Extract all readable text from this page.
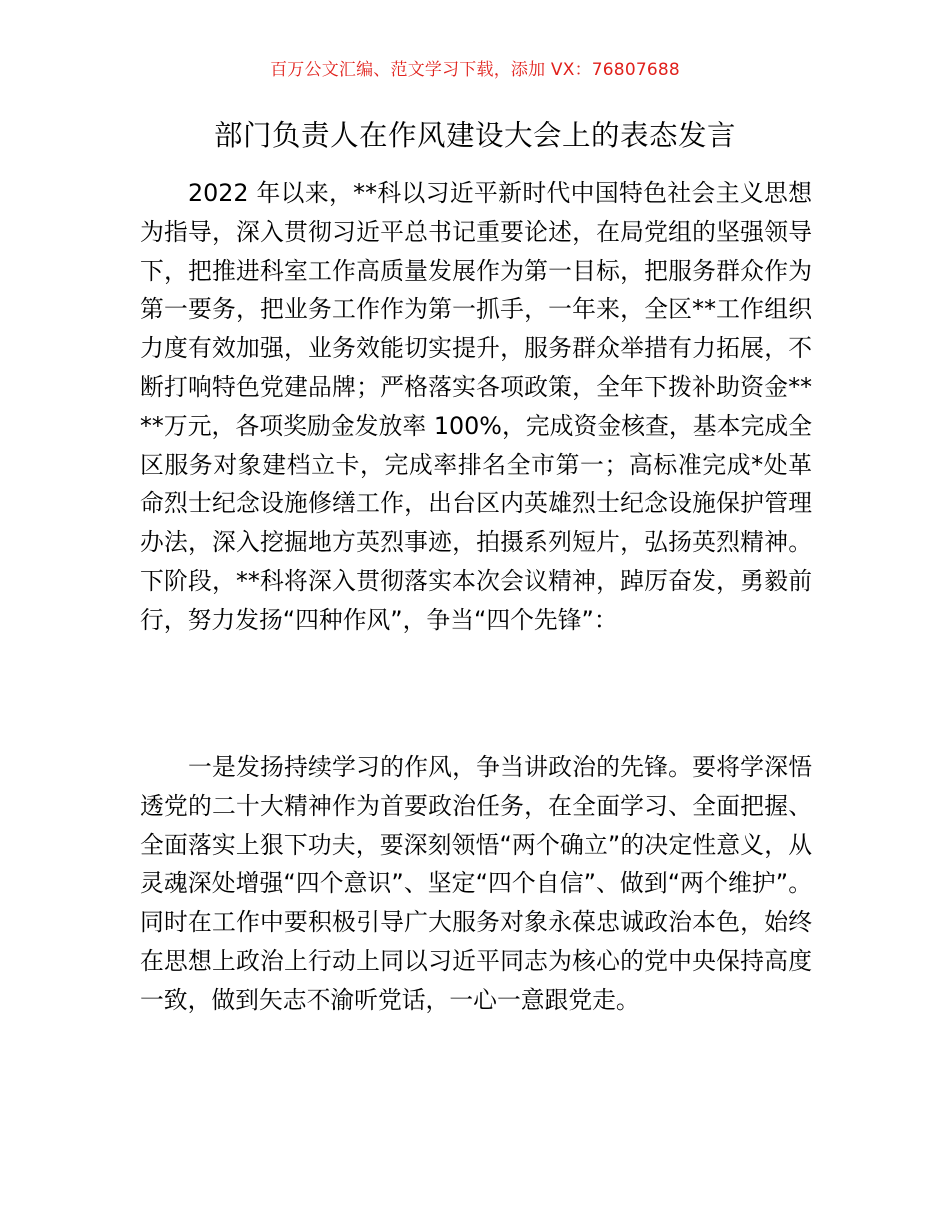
百万公文汇编、范文学习下载，添加 VX：76807688
部门负责人在作风建设大会上的表态发言

2022 年以来，**科以习近平新时代中国特色社会主义思想为指导，深入贯彻习近平总书记重要论述，在局党组的坚强领导下，把推进科室工作高质量发展作为第一目标，把服务群众作为第一要务，把业务工作作为第一抓手，一年来，全区**工作组织力度有效加强，业务效能切实提升，服务群众举措有力拓展，不断打响特色党建品牌；严格落实各项政策，全年下拨补助资金****万元，各项奖励金发放率 100%，完成资金核查，基本完成全区服务对象建档立卡，完成率排名全市第一；高标准完成*处革命烈士纪念设施修缮工作，出台区内英雄烈士纪念设施保护管理办法，深入挖掘地方英烈事迹，拍摄系列短片，弘扬英烈精神。下阶段，**科将深入贯彻落实本次会议精神，踔厉奋发，勇毅前行，努力发扬“四种作风”，争当“四个先锋”：

一是发扬持续学习的作风，争当讲政治的先锋。要将学深悟透党的二十大精神作为首要政治任务，在全面学习、全面把握、全面落实上狠下功夫，要深刻领悟“两个确立”的决定性意义，从灵魂深处增强“四个意识”、坚定“四个自信”、做到“两个维护”。同时在工作中要积极引导广大服务对象永葆忠诚政治本色，始终在思想上政治上行动上同以习近平同志为核心的党中央保持高度一致，做到矢志不渝听党话，一心一意跟党走。
